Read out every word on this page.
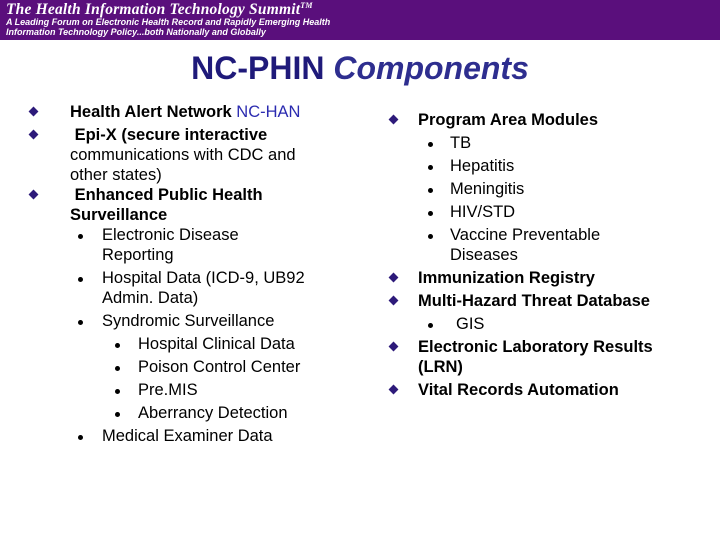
The Health Information Technology Summit™
A Leading Forum on Electronic Health Record and Rapidly Emerging Health
Information Technology Policy...both Nationally and Globally
NC-PHIN Components
Health Alert Network NC-HAN
Epi-X (secure interactive
communications with CDC and
other states)
Enhanced Public Health
Surveillance
Electronic Disease
Reporting
Hospital Data (ICD-9, UB92
Admin. Data)
Syndromic Surveillance
Hospital Clinical Data
Poison Control Center
Pre.MIS
Aberrancy Detection
Medical Examiner Data
Program Area Modules
TB
Hepatitis
Meningitis
HIV/STD
Vaccine Preventable
Diseases
Immunization Registry
Multi-Hazard Threat Database
GIS
Electronic Laboratory Results
(LRN)
Vital Records Automation
